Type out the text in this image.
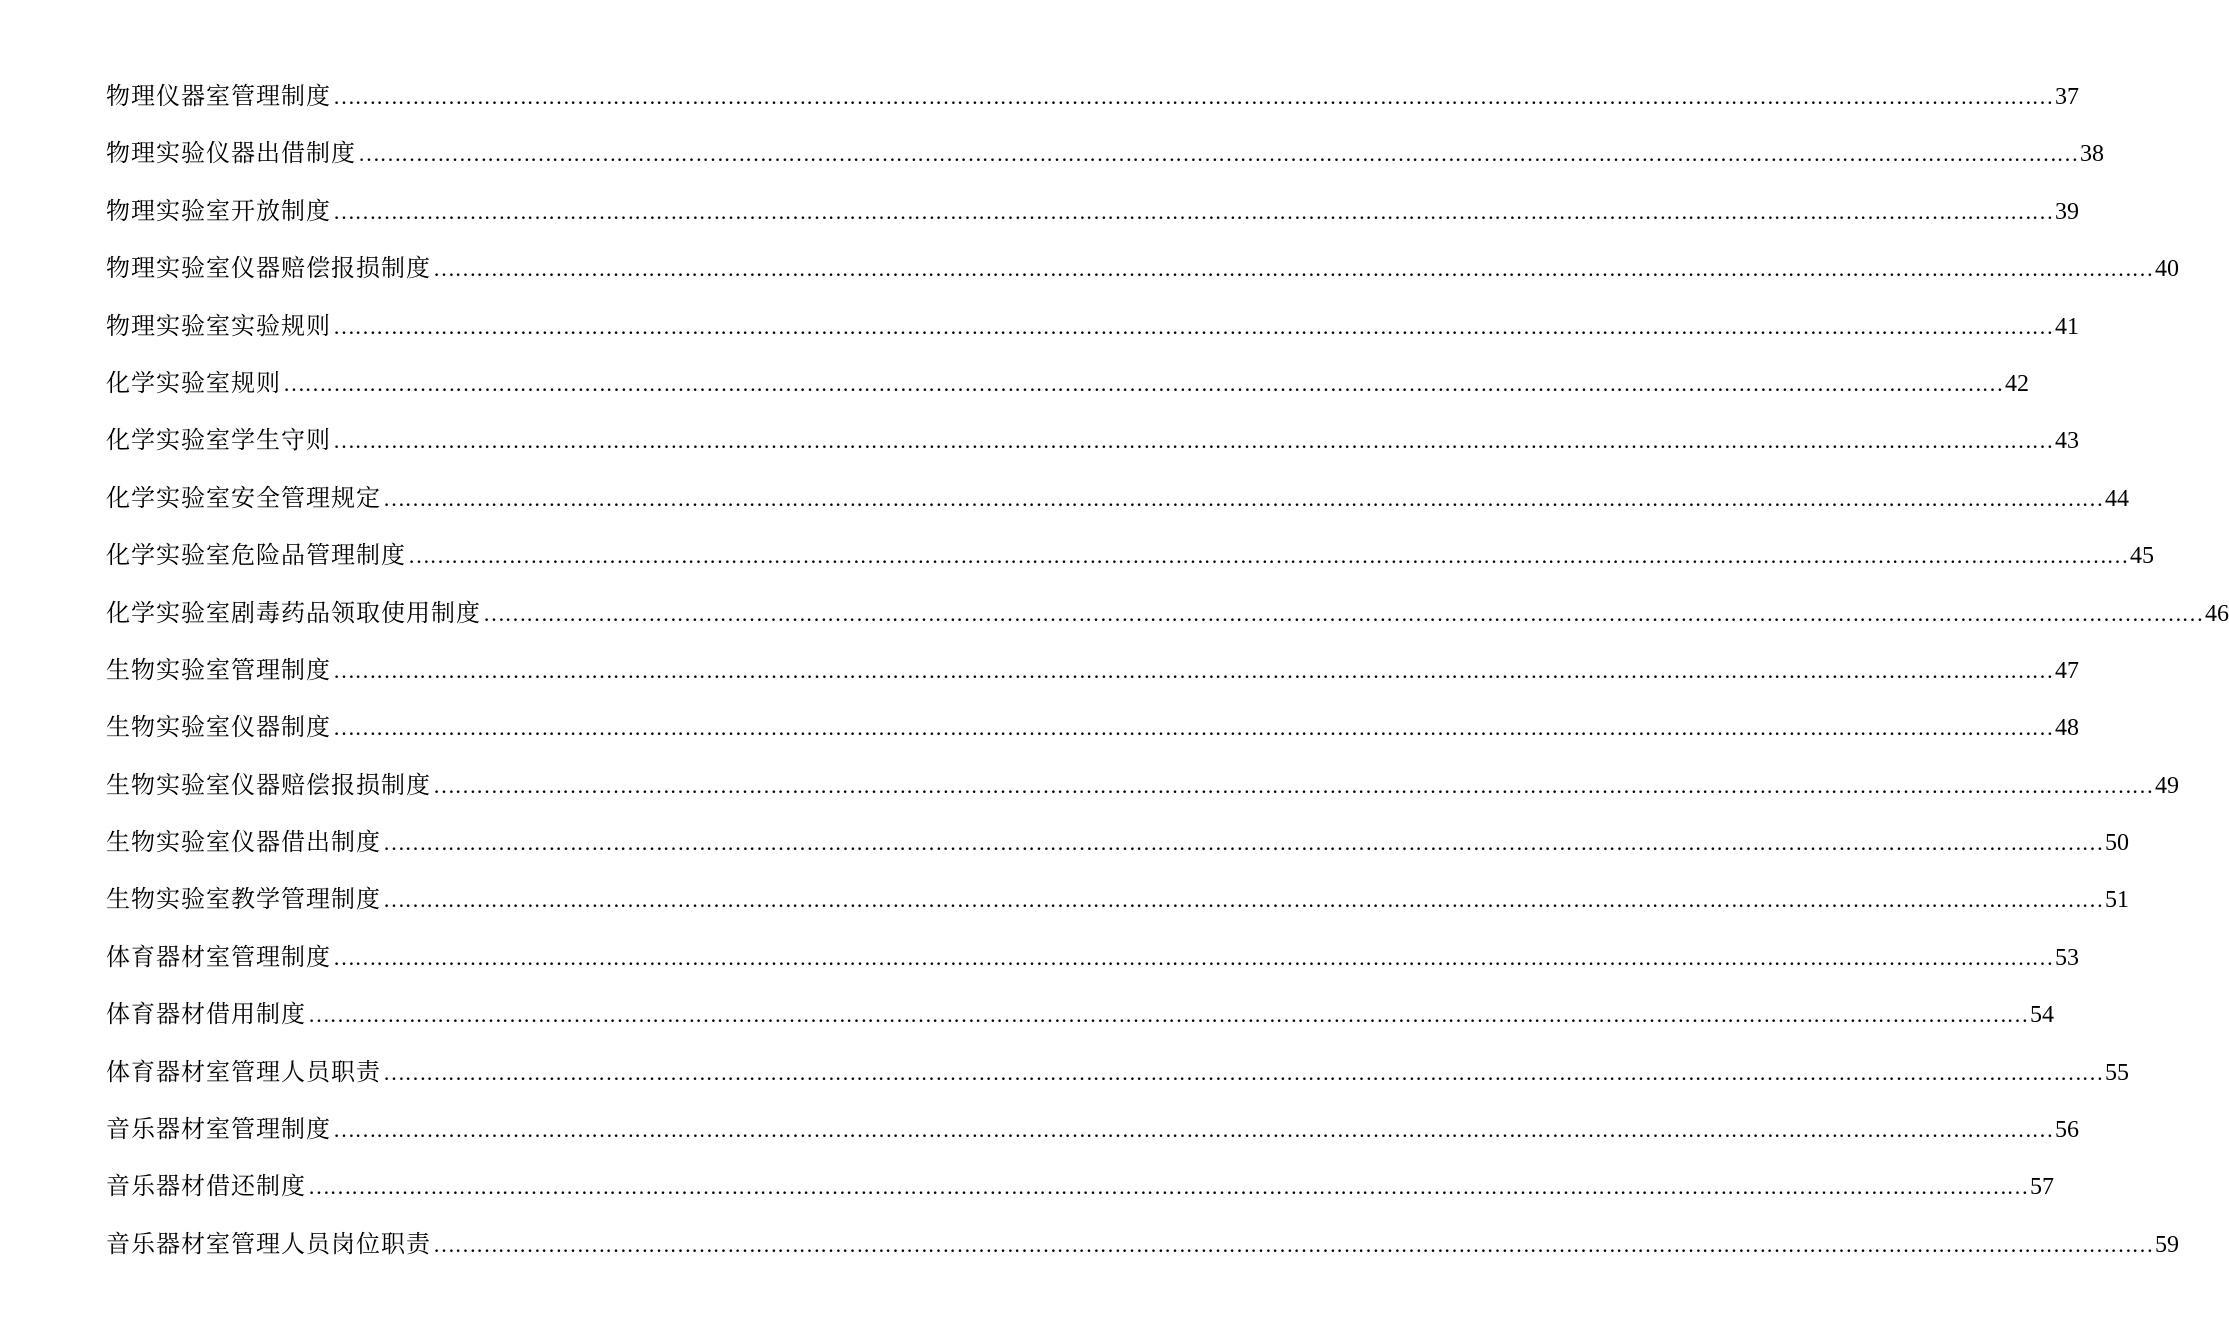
物理仪器室管理制度 …………………………………………………………………………………………………………………………………………………………………………………………………………………… 37
物理实验仪器出借制度 …………………………………………………………………………………………………………………………………………………………………………………………………………………… 38
物理实验室开放制度 …………………………………………………………………………………………………………………………………………………………………………………………………………………… 39
物理实验室仪器赔偿报损制度 …………………………………………………………………………………………………………………………………………………………………………………………………………………… 40
物理实验室实验规则 …………………………………………………………………………………………………………………………………………………………………………………………………………………… 41
化学实验室规则 …………………………………………………………………………………………………………………………………………………………………………………………………………………… 42
化学实验室学生守则 …………………………………………………………………………………………………………………………………………………………………………………………………………………… 43
化学实验室安全管理规定 …………………………………………………………………………………………………………………………………………………………………………………………………………………… 44
化学实验室危险品管理制度 …………………………………………………………………………………………………………………………………………………………………………………………………………………… 45
化学实验室剧毒药品领取使用制度 …………………………………………………………………………………………………………………………………………………………………………………………………………………… 46
生物实验室管理制度 …………………………………………………………………………………………………………………………………………………………………………………………………………………… 47
生物实验室仪器制度 …………………………………………………………………………………………………………………………………………………………………………………………………………………… 48
生物实验室仪器赔偿报损制度 …………………………………………………………………………………………………………………………………………………………………………………………………………………… 49
生物实验室仪器借出制度 …………………………………………………………………………………………………………………………………………………………………………………………………………………… 50
生物实验室教学管理制度 …………………………………………………………………………………………………………………………………………………………………………………………………………………… 51
体育器材室管理制度 …………………………………………………………………………………………………………………………………………………………………………………………………………………… 53
体育器材借用制度 …………………………………………………………………………………………………………………………………………………………………………………………………………………… 54
体育器材室管理人员职责 …………………………………………………………………………………………………………………………………………………………………………………………………………………… 55
音乐器材室管理制度 …………………………………………………………………………………………………………………………………………………………………………………………………………………… 56
音乐器材借还制度 …………………………………………………………………………………………………………………………………………………………………………………………………………………… 57
音乐器材室管理人员岗位职责 …………………………………………………………………………………………………………………………………………………………………………………………………………………… 59
